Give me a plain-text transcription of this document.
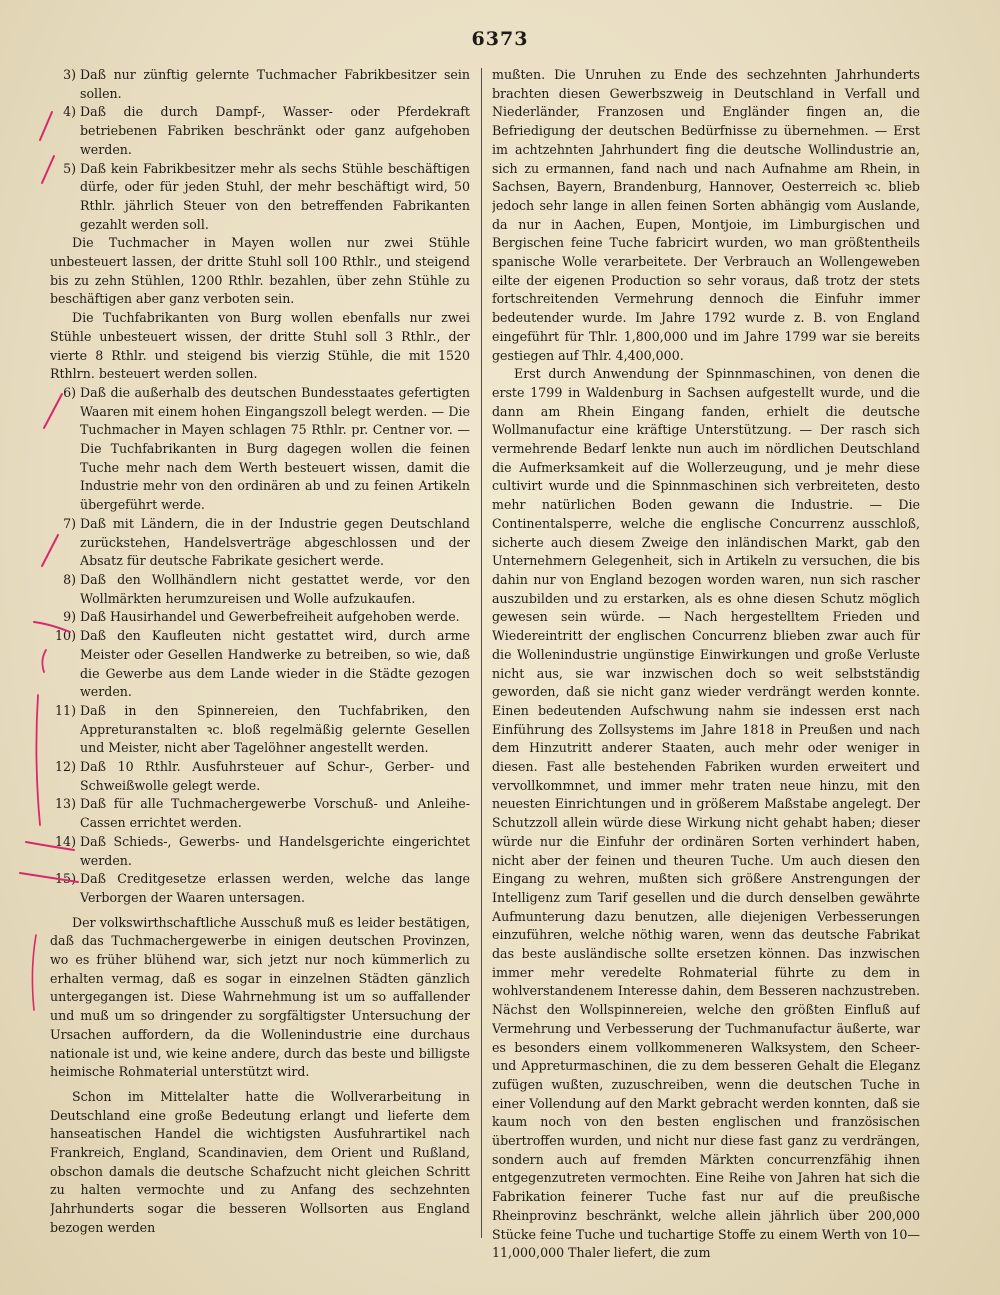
6373
3) Daß nur zünftig gelernte Tuchmacher Fabrikbesitzer sein sollen.
4) Daß die durch Dampf-, Wasser- oder Pferdekraft betriebenen Fabriken beschränkt oder ganz aufgehoben werden.
5) Daß kein Fabrikbesitzer mehr als sechs Stühle beschäftigen dürfe, oder für jeden Stuhl, der mehr beschäftigt wird, 50 Rthlr. jährlich Steuer von den betreffenden Fabrikanten gezahlt werden soll.

Die Tuchmacher in Mayen wollen nur zwei Stühle unbesteuert lassen, der dritte Stuhl soll 100 Rthlr., und steigend bis zu zehn Stühlen, 1200 Rthlr. bezahlen, über zehn Stühle zu beschäftigen aber ganz verboten sein.

Die Tuchfabrikanten von Burg wollen ebenfalls nur zwei Stühle unbesteuert wissen, der dritte Stuhl soll 3 Rthlr., der vierte 8 Rthlr. und steigend bis vierzig Stühle, die mit 1520 Rthlrn. besteuert werden sollen.

6) Daß die außerhalb des deutschen Bundesstaates gefertigten Waaren mit einem hohen Eingangszoll belegt werden. — Die Tuchmacher in Mayen schlagen 75 Rthlr. pr. Centner vor. — Die Tuchfabrikanten in Burg dagegen wollen die feinen Tuche mehr nach dem Werth besteuert wissen, damit die Industrie mehr von den ordinären ab und zu feinen Artikeln übergeführt werde.
7) Daß mit Ländern, die in der Industrie gegen Deutschland zurückstehen, Handelsverträge abgeschlossen und der Absatz für deutsche Fabrikate gesichert werde.
8) Daß den Wollhändlern nicht gestattet werde, vor den Wollmärkten herumzureisen und Wolle aufzukaufen.
9) Daß Hausirhandel und Gewerbefreiheit aufgehoben werde.
10) Daß den Kaufleuten nicht gestattet wird, durch arme Meister oder Gesellen Handwerke zu betreiben, so wie, daß die Gewerbe aus dem Lande wieder in die Städte gezogen werden.
11) Daß in den Spinnereien, den Tuchfabriken, den Appreturanstalten ꝛc. bloß regelmäßig gelernte Gesellen und Meister, nicht aber Tagelöhner angestellt werden.
12) Daß 10 Rthlr. Ausfuhrsteuer auf Schur-, Gerber- und Schweißwolle gelegt werde.
13) Daß für alle Tuchmachergewerbe Vorschuß- und Anleihe-Cassen errichtet werden.
14) Daß Schieds-, Gewerbs- und Handelsgerichte eingerichtet werden.
15) Daß Creditgesetze erlassen werden, welche das lange Verborgen der Waaren untersagen.

Der volkswirthschaftliche Ausschuß muß es leider bestätigen, daß das Tuchmachergewerbe in einigen deutschen Provinzen, wo es früher blühend war, sich jetzt nur noch kümmerlich zu erhalten vermag, daß es sogar in einzelnen Städten gänzlich untergegangen ist. Diese Wahrnehmung ist um so auffallender und muß um so dringender zu sorgfältigster Untersuchung der Ursachen auffordern, da die Wollenindustrie eine durchaus nationale ist und, wie keine andere, durch das beste und billigste heimische Rohmaterial unterstützt wird.

Schon im Mittelalter hatte die Wollverarbeitung in Deutschland eine große Bedeutung erlangt und lieferte dem hanseatischen Handel die wichtigsten Ausfuhrartikel nach Frankreich, England, Scandinavien, dem Orient und Rußland, obschon damals die deutsche Schafzucht nicht gleichen Schritt zu halten vermochte und zu Anfang des sechzehnten Jahrhunderts sogar die besseren Wollsorten aus England bezogen werden

mußten. Die Unruhen zu Ende des sechzehnten Jahrhunderts brachten diesen Gewerbszweig in Deutschland in Verfall und Niederländer, Franzosen und Engländer fingen an, die Befriedigung der deutschen Bedürfnisse zu übernehmen. — Erst im achtzehnten Jahrhundert fing die deutsche Wollindustrie an, sich zu ermannen, fand nach und nach Aufnahme am Rhein, in Sachsen, Bayern, Brandenburg, Hannover, Oesterreich ꝛc. blieb jedoch sehr lange in allen feinen Sorten abhängig vom Auslande, da nur in Aachen, Eupen, Montjoie, im Limburgischen und Bergischen feine Tuche fabricirt wurden, wo man größtentheils spanische Wolle verarbeitete. Der Verbrauch an Wollengeweben eilte der eigenen Production so sehr voraus, daß trotz der stets fortschreitenden Vermehrung dennoch die Einfuhr immer bedeutender wurde. Im Jahre 1792 wurde z. B. von England eingeführt für Thlr. 1,800,000 und im Jahre 1799 war sie bereits gestiegen auf Thlr. 4,400,000.

Erst durch Anwendung der Spinnmaschinen, von denen die erste 1799 in Waldenburg in Sachsen aufgestellt wurde, und die dann am Rhein Eingang fanden, erhielt die deutsche Wollmanufactur eine kräftige Unterstützung. — Der rasch sich vermehrende Bedarf lenkte nun auch im nördlichen Deutschland die Aufmerksamkeit auf die Wollerzeugung, und je mehr diese cultivirt wurde und die Spinnmaschinen sich verbreiteten, desto mehr natürlichen Boden gewann die Industrie. — Die Continentalsperre, welche die englische Concurrenz ausschloß, sicherte auch diesem Zweige den inländischen Markt, gab den Unternehmern Gelegenheit, sich in Artikeln zu versuchen, die bis dahin nur von England bezogen worden waren, nun sich rascher auszubilden und zu erstarken, als es ohne diesen Schutz möglich gewesen sein würde. — Nach hergestelltem Frieden und Wiedereintritt der englischen Concurrenz blieben zwar auch für die Wollenindustrie ungünstige Einwirkungen und große Verluste nicht aus, sie war inzwischen doch so weit selbstständig geworden, daß sie nicht ganz wieder verdrängt werden konnte. Einen bedeutenden Aufschwung nahm sie indessen erst nach Einführung des Zollsystems im Jahre 1818 in Preußen und nach dem Hinzutritt anderer Staaten, auch mehr oder weniger in diesen. Fast alle bestehenden Fabriken wurden erweitert und vervollkommnet, und immer mehr traten neue hinzu, mit den neuesten Einrichtungen und in größerem Maßstabe angelegt. Der Schutzzoll allein würde diese Wirkung nicht gehabt haben; dieser würde nur die Einfuhr der ordinären Sorten verhindert haben, nicht aber der feinen und theuren Tuche. Um auch diesen den Eingang zu wehren, mußten sich größere Anstrengungen der Intelligenz zum Tarif gesellen und die durch denselben gewährte Aufmunterung dazu benutzen, alle diejenigen Verbesserungen einzuführen, welche nöthig waren, wenn das deutsche Fabrikat das beste ausländische sollte ersetzen können. Das inzwischen immer mehr veredelte Rohmaterial führte zu dem in wohlverstandenem Interesse dahin, dem Besseren nachzustreben. Nächst den Wollspinnereien, welche den größten Einfluß auf Vermehrung und Verbesserung der Tuchmanufactur äußerte, war es besonders einem vollkommeneren Walksystem, den Scheer- und Appreturmaschinen, die zu dem besseren Gehalt die Eleganz zufügen wußten, zuzuschreiben, wenn die deutschen Tuche in einer Vollendung auf den Markt gebracht werden konnten, daß sie kaum noch von den besten englischen und französischen übertroffen wurden, und nicht nur diese fast ganz zu verdrängen, sondern auch auf fremden Märkten concurrenzfähig ihnen entgegenzutreten vermochten. Eine Reihe von Jahren hat sich die Fabrikation feinerer Tuche fast nur auf die preußische Rheinprovinz beschränkt, welche allein jährlich über 200,000 Stücke feine Tuche und tuchartige Stoffe zu einem Werth von 10—11,000,000 Thaler liefert, die zum
